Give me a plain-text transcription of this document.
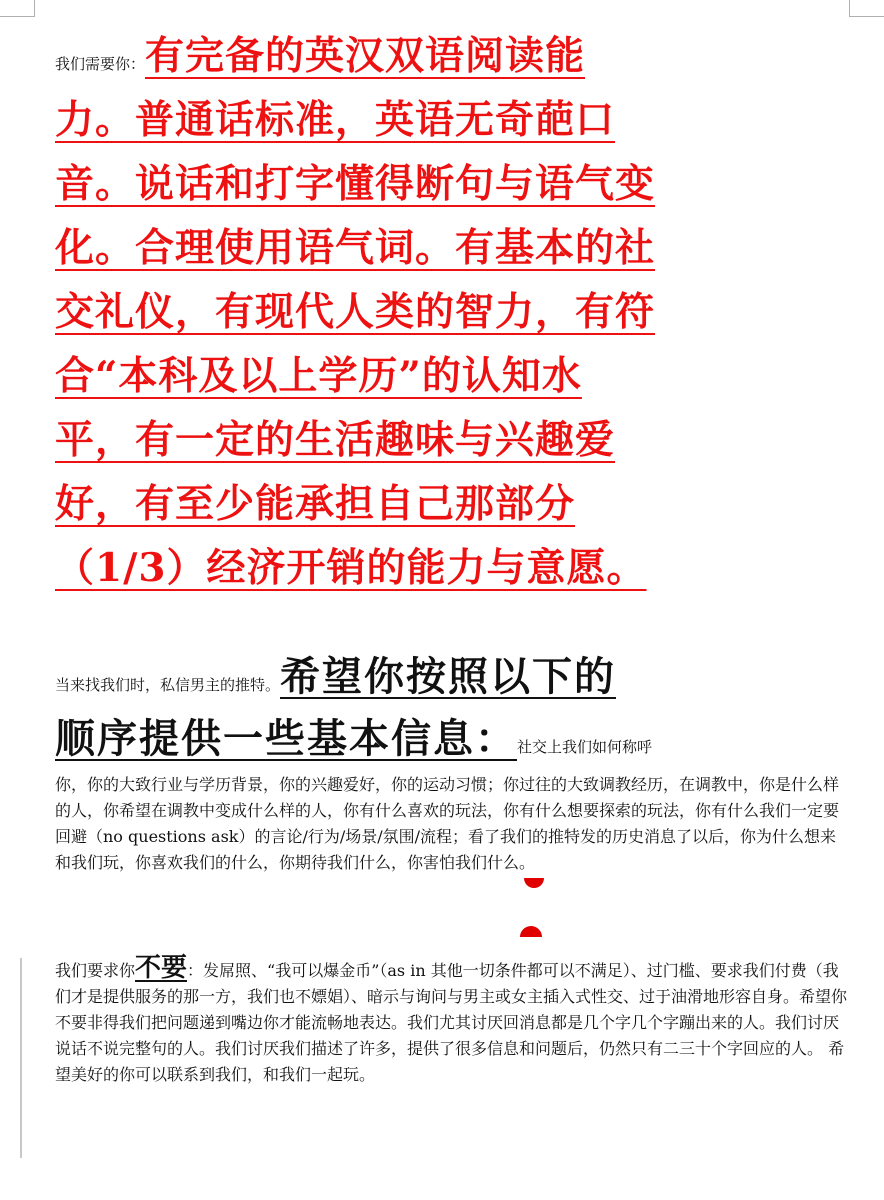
我们需要你：有完备的英汉双语阅读能
力。普通话标准，英语无奇葩口
音。说话和打字懂得断句与语气变
化。合理使用语气词。有基本的社
交礼仪，有现代人类的智力，有符
合“本科及以上学历”的认知水
平，有一定的生活趣味与兴趣爱
好，有至少能承担自己那部分
（1/3）经济开销的能力与意愿。
当来找我们时，私信男主的推特。希望你按照以下的
顺序提供一些基本信息：社交上我们如何称呼
你，你的大致行业与学历背景，你的兴趣爱好，你的运动习惯；你过往的大致调教经历，在调教中，你是什么样的人，你希望在调教中变成什么样的人，你有什么喜欢的玩法，你有什么想要探索的玩法，你有什么我们一定要回避（no questions ask）的言论/行为/场景/氛围/流程；看了我们的推特发的历史消息了以后，你为什么想来和我们玩，你喜欢我们的什么，你期待我们什么，你害怕我们什么。
我们要求你不要：发屌照、“我可以爆金币”（as in 其他一切条件都可以不满足）、过门槛、要求我们付费（我们才是提供服务的那一方，我们也不嫖娼）、暗示与询问与男主或女主插入式性交、过于油滑地形容自身。希望你不要非得我们把问题递到嘴边你才能流畅地表达。我们尤其讨厌回消息都是几个字几个字蹦出来的人。我们讨厌说话不说完整句的人。我们讨厌我们描述了许多，提供了很多信息和问题后，仍然只有二三十个字回应的人。 希望美好的你可以联系到我们，和我们一起玩。
